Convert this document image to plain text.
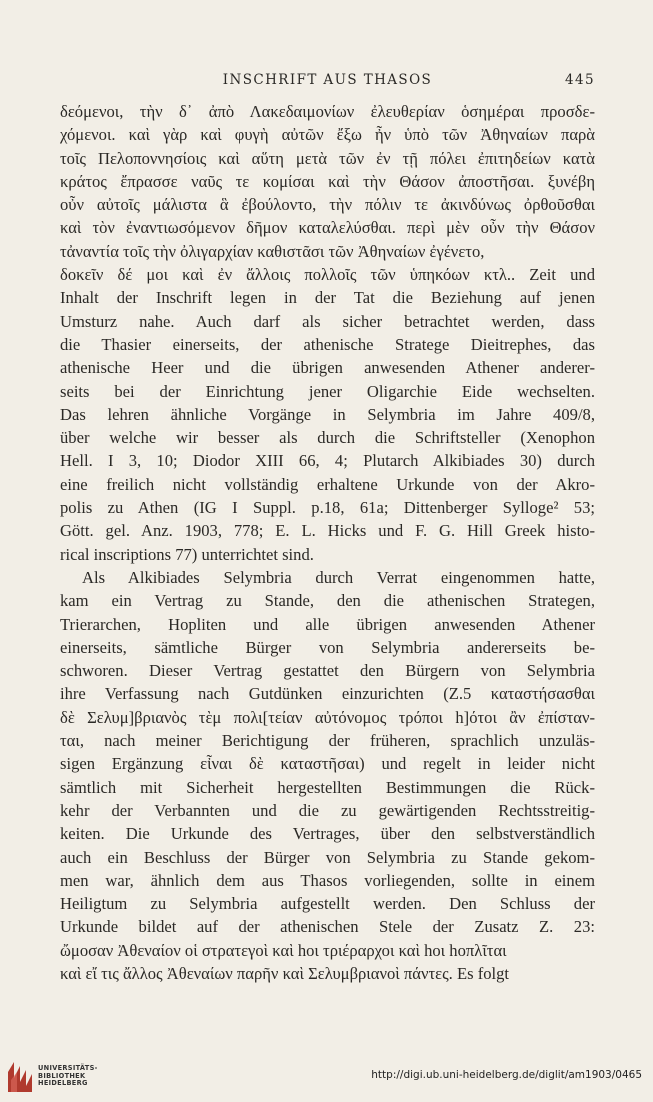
INSCHRIFT AUS THASOS	445
δεόμενοι, τὴν δ᾽ ἀπὸ Λακεδαιμονίων ἐλευθερίαν ὁσημέραι προσδε-
χόμενοι. καὶ γὰρ καὶ φυγὴ αὐτῶν ἔξω ἦν ὑπὸ τῶν Ἀθηναίων παρὰ
τοῖς Πελοποννησίοις καὶ αὕτη μετὰ τῶν ἐν τῇ πόλει ἐπιτηδείων κατὰ
κράτος ἔπρασσε ναῦς τε κομίσαι καὶ τὴν Θάσον ἀποστῆσαι. ξυνέβη
οὖν αὐτοῖς μάλιστα ἃ ἐβούλοντο, τὴν πόλιν τε ἀκινδύνως ὀρθοῦσθαι
καὶ τὸν ἐναντιωσόμενον δῆμον καταλελύσθαι. περὶ μὲν οὖν τὴν Θάσον
τἀναντία τοῖς τὴν ὀλιγαρχίαν καθιστᾶσι τῶν Ἀθηναίων ἐγένετο,
δοκεῖν δέ μοι καὶ ἐν ἄλλοις πολλοῖς τῶν ὑπηκόων κτλ.. Zeit und
Inhalt der Inschrift legen in der Tat die Beziehung auf jenen
Umsturz nahe. Auch darf als sicher betrachtet werden, dass
die Thasier einerseits, der athenische Stratege Dieitrephes, das
athenische Heer und die übrigen anwesenden Athener anderer-
seits bei der Einrichtung jener Oligarchie Eide wechselten.
Das lehren ähnliche Vorgänge in Selymbria im Jahre 409/8,
über welche wir besser als durch die Schriftsteller (Xenophon
Hell. I 3, 10; Diodor XIII 66, 4; Plutarch Alkibiades 30) durch
eine freilich nicht vollständig erhaltene Urkunde von der Akro-
polis zu Athen (IG I Suppl. p.18, 61a; Dittenberger Sylloge² 53;
Gött. gel. Anz. 1903, 778; E. L. Hicks und F. G. Hill Greek histo-
rical inscriptions 77) unterrichtet sind.
Als Alkibiades Selymbria durch Verrat eingenommen hatte,
kam ein Vertrag zu Stande, den die athenischen Strategen,
Trierarchen, Hopliten und alle übrigen anwesenden Athener
einerseits, sämtliche Bürger von Selymbria andererseits be-
schworen. Dieser Vertrag gestattet den Bürgern von Selymbria
ihre Verfassung nach Gutdünken einzurichten (Z.5 καταστήσασθαι
δὲ Σελυμ]βριανὸς τὲμ πολι[τείαν αὐτόνομος τρόποι h]ότοι ἂν ἐπίσταν-
ται, nach meiner Berichtigung der früheren, sprachlich unzuläs-
sigen Ergänzung εἶναι δὲ καταστῆσαι) und regelt in leider nicht
sämtlich mit Sicherheit hergestellten Bestimmungen die Rück-
kehr der Verbannten und die zu gewärtigenden Rechtsstreitig-
keiten. Die Urkunde des Vertrages, über den selbstverständlich
auch ein Beschluss der Bürger von Selymbria zu Stande gekom-
men war, ähnlich dem aus Thasos vorliegenden, sollte in einem
Heiligtum zu Selymbria aufgestellt werden. Den Schluss der
Urkunde bildet auf der athenischen Stele der Zusatz Z. 23:
ὤμοσαν Ἀθεναίον οἱ στρατεγοὶ καὶ hοι τριέραρχοι καὶ hοι hοπλῖται
καὶ εἴ τις ἄλλος Ἀθεναίων παρῆν καὶ Σελυμβριανοὶ πάντες. Es folgt
UNIVERSITÄTS-
BIBLIOTHEK
HEIDELBERG
http://digi.ub.uni-heidelberg.de/diglit/am1903/0465
